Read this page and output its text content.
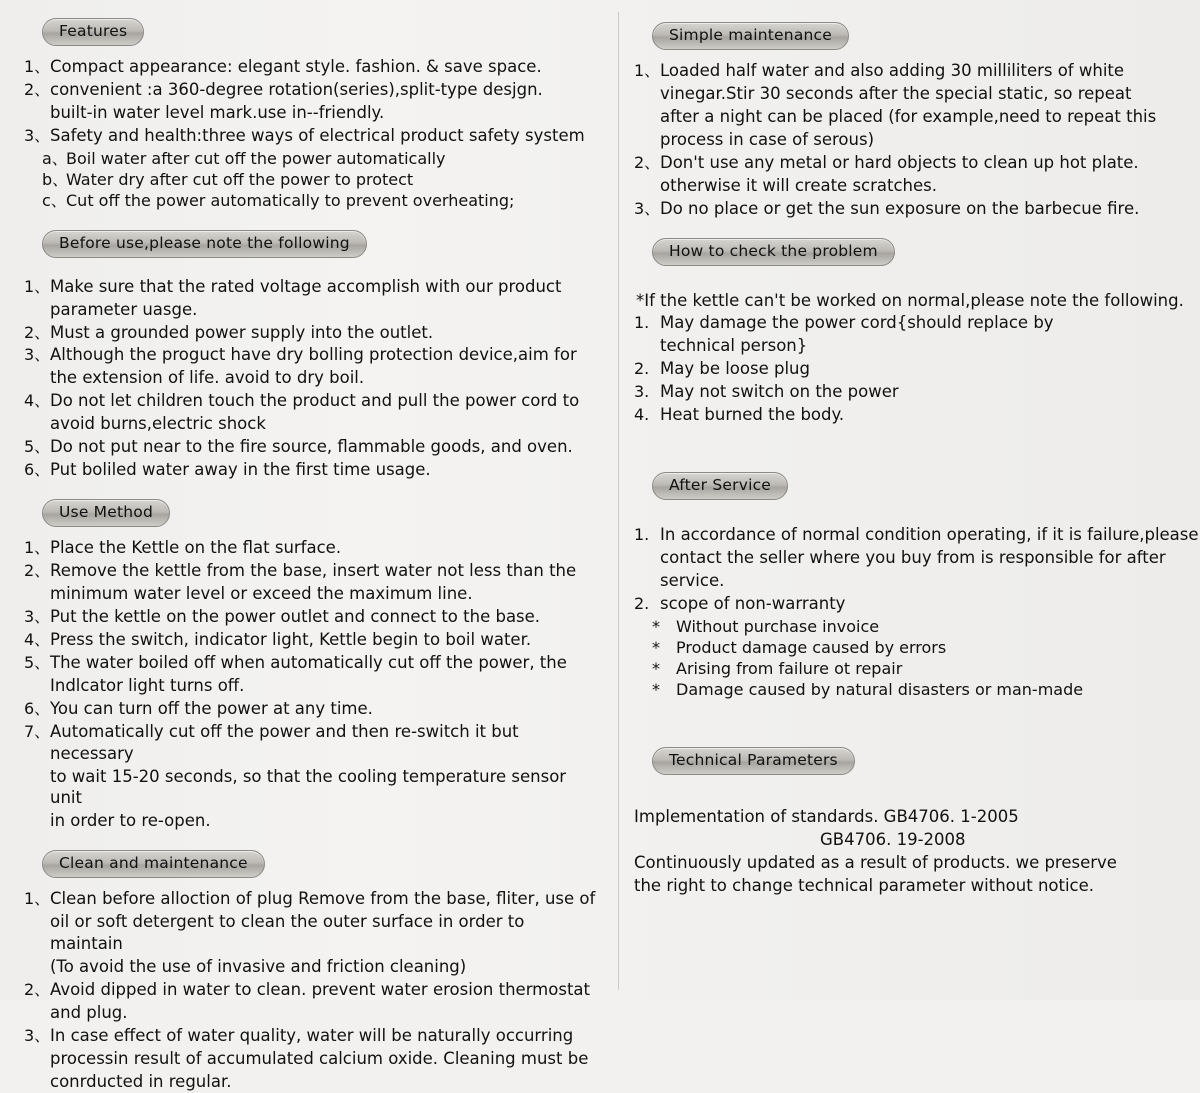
Features
1、 Compact appearance: elegant style. fashion. & save space.
2、 convenient :a 360-degree rotation(series),split-type desjgn.
built-in water level mark.use in--friendly.
3、 Safety and health:three ways of electrical product safety system
a、
Boil water after cut off the power automatically
b、
Water dry after cut off the power to protect
c、 Cut off the power automatically to prevent overheating;
Before use,please note the following
1、 Make sure that the rated voltage accomplish with our product
parameter uasge.
2、 Must a grounded power supply into the outlet.
3、 Although the proguct have dry bolling protection device,aim for
the extension of life. avoid to dry boil.
4、 Do not let children touch the product and pull the power cord to
avoid burns,electric shock
5、 Do not put near to the fire source, flammable goods, and oven.
6、 Put boliled water away in the first time usage.
Use Method
1、 Place the Kettle on the flat surface.
2、 Remove the kettle from the base, insert water not less than the
minimum water level or exceed the maximum line.
3、 Put the kettle on the power outlet and connect to the base.
4、 Press the switch, indicator light, Kettle begin to boil water.
5、 The water boiled off when automatically cut off the power, the
Indlcator light turns off.
6、 You can turn off the power at any time.
7、 Automatically cut off the power and then re-switch it but necessary
to wait 15-20 seconds, so that the cooling temperature sensor unit
in order to re-open.
Clean and maintenance
1、 Clean before alloction of plug Remove from the base, fliter, use of
oil or soft detergent to clean the outer surface in order to maintain
(To avoid the use of invasive and friction cleaning)
2、 Avoid dipped in water to clean. prevent water erosion thermostat
and plug.
3、 In case effect of water quality, water will be naturally occurring
processin result of accumulated calcium oxide. Cleaning must be
conrducted in regular.
Simple maintenance
1、 Loaded half water and also adding 30 milliliters of white
vinegar.Stir 30 seconds after the special static, so repeat
after a night can be placed (for example,need to repeat this
process in case of serous)
2、 Don't use any metal or hard objects to clean up hot plate.
otherwise it will create scratches.
3、 Do no place or get the sun exposure on the barbecue fire.
How to check the problem
*If the kettle can't be worked on normal,please note the following.
1. May damage the power cord{should replace by
technical person}
2. May be loose plug
3. May not switch on the power
4. Heat burned the body.
After Service
1. In accordance of normal condition operating, if it is failure,please
contact the seller where you buy from is responsible for after
service.
2. scope of non-warranty
* Without purchase invoice
* Product damage caused by errors
* Arising from failure ot repair
* Damage caused by natural disasters or man-made
Technical Parameters
Implementation of standards. GB4706. 1-2005
GB4706. 19-2008
Continuously updated as a result of products. we preserve
the right to change technical parameter without notice.
